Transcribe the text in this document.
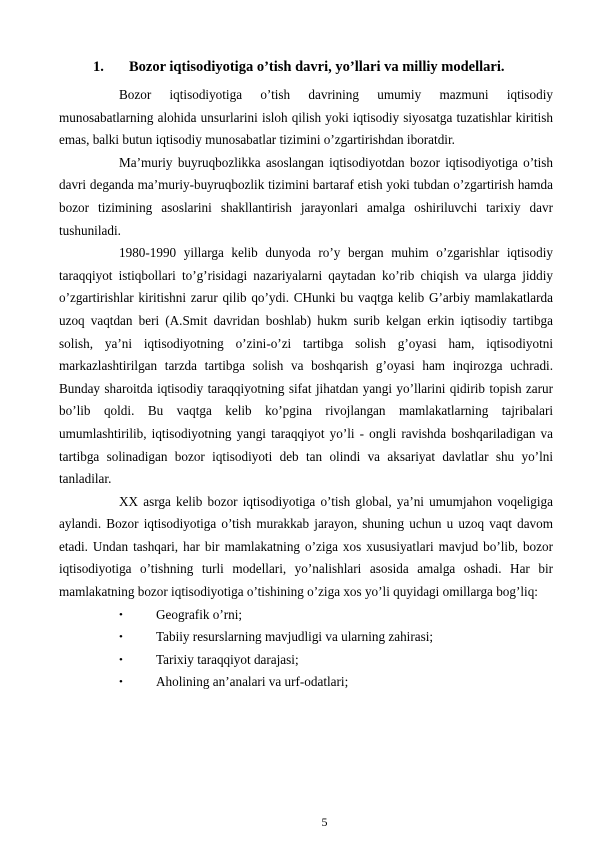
1. Bozor iqtisodiyotiga o’tish davri, yo’llari va milliy modellari.

Bozor iqtisodiyotiga o’tish davrining umumiy mazmuni iqtisodiy munosabatlarning alohida unsurlarini isloh qilish yoki iqtisodiy siyosatga tuzatishlar kiritish emas, balki butun iqtisodiy munosabatlar tizimini o’zgartirishdan iboratdir.

Ma’muriy buyruqbozlikka asoslangan iqtisodiyotdan bozor iqtisodiyotiga o’tish davri deganda ma’muriy-buyruqbozlik tizimini bartaraf etish yoki tubdan o’zgartirish hamda bozor tizimining asoslarini shakllantirish jarayonlari amalga oshiriluvchi tarixiy davr tushuniladi.

1980-1990 yillarga kelib dunyoda ro’y bergan muhim o’zgarishlar iqtisodiy taraqqiyot istiqbollari to’g’risidagi nazariyalarni qaytadan ko’rib chiqish va ularga jiddiy o’zgartirishlar kiritishni zarur qilib qo’ydi. CHunki bu vaqtga kelib G’arbiy mamlakatlarda uzoq vaqtdan beri (A.Smit davridan boshlab) hukm surib kelgan erkin iqtisodiy tartibga solish, ya’ni iqtisodiyotning o’zini-o’zi tartibga solish g’oyasi ham, iqtisodiyotni markazlashtirilgan tarzda tartibga solish va boshqarish g’oyasi ham inqirozga uchradi. Bunday sharoitda iqtisodiy taraqqiyotning sifat jihatdan yangi yo’llarini qidirib topish zarur bo’lib qoldi. Bu vaqtga kelib ko’pgina rivojlangan mamlakatlarning tajribalari umumlashtirilib, iqtisodiyotning yangi taraqqiyot yo’li - ongli ravishda boshqariladigan va tartibga solinadigan bozor iqtisodiyoti deb tan olindi va aksariyat davlatlar shu yo’lni tanladilar.

XX asrga kelib bozor iqtisodiyotiga o’tish global, ya’ni umumjahon voqeligiga aylandi. Bozor iqtisodiyotiga o’tish murakkab jarayon, shuning uchun u uzoq vaqt davom etadi. Undan tashqari, har bir mamlakatning o’ziga xos xususiyatlari mavjud bo’lib, bozor iqtisodiyotiga o’tishning turli modellari, yo’nalishlari asosida amalga oshadi. Har bir mamlakatning bozor iqtisodiyotiga o’tishining o’ziga xos yo’li quyidagi omillarga bog’liq:

•	Geografik o’rni;
•	Tabiiy resurslarning mavjudligi va ularning zahirasi;
•	Tarixiy taraqqiyot darajasi;
•	Aholining an’analari va urf-odatlari;
5
